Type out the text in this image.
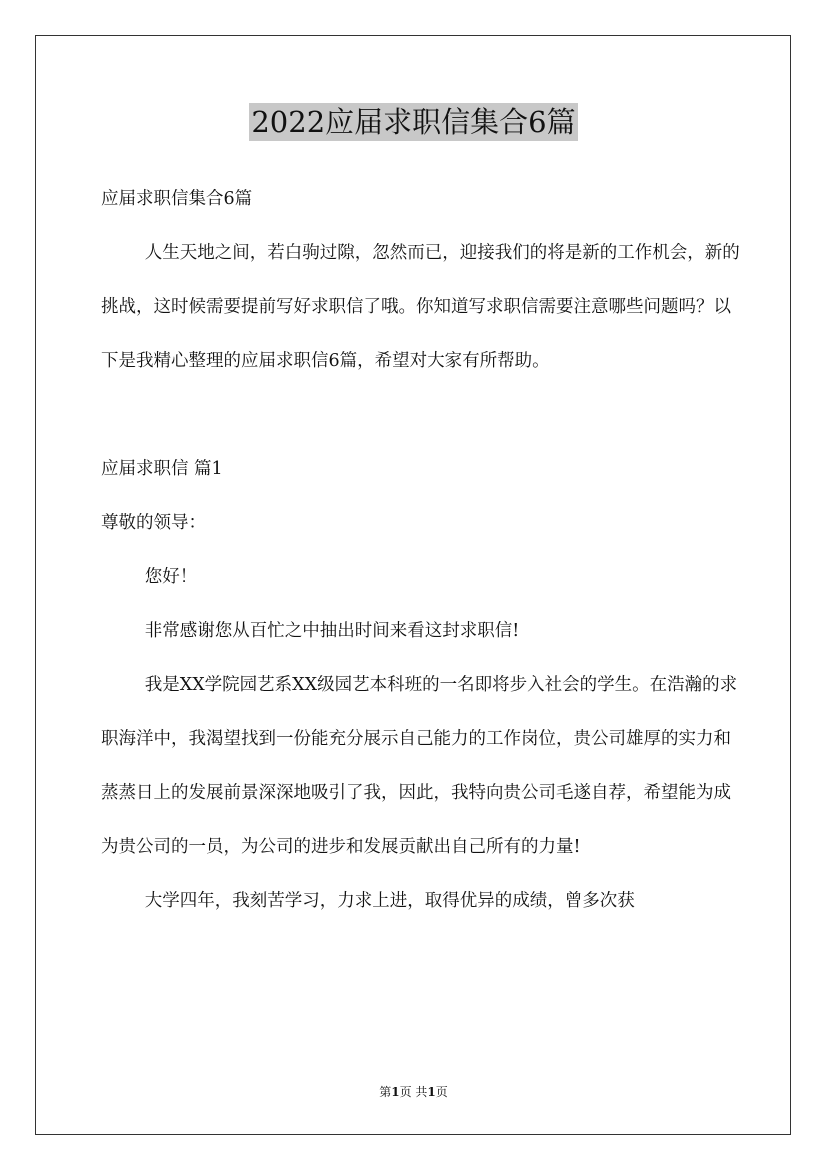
2022应届求职信集合6篇

应届求职信集合6篇

人生天地之间，若白驹过隙，忽然而已，迎接我们的将是新的工作机会，新的挑战，这时候需要提前写好求职信了哦。你知道写求职信需要注意哪些问题吗？以下是我精心整理的应届求职信6篇，希望对大家有所帮助。

应届求职信 篇1

尊敬的领导：

您好！

非常感谢您从百忙之中抽出时间来看这封求职信!

我是XX学院园艺系XX级园艺本科班的一名即将步入社会的学生。在浩瀚的求职海洋中，我渴望找到一份能充分展示自己能力的工作岗位，贵公司雄厚的实力和蒸蒸日上的发展前景深深地吸引了我，因此，我特向贵公司毛遂自荐，希望能为成为贵公司的一员，为公司的进步和发展贡献出自己所有的力量!

大学四年，我刻苦学习，力求上进，取得优异的成绩，曾多次获

第1页 共1页
